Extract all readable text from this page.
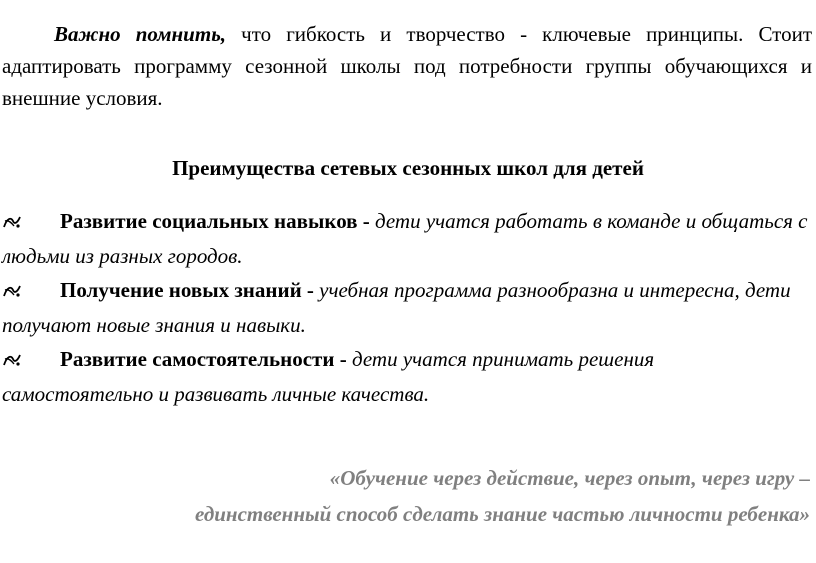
Важно помнить, что гибкость и творчество - ключевые принципы. Стоит адаптировать программу сезонной школы под потребности группы обучающихся и внешние условия.

Преимущества сетевых сезонных школ для детей
Развитие социальных навыков - дети учатся работать в команде и общаться с людьми из разных городов.
Получение новых знаний - учебная программа разнообразна и интересна, дети получают новые знания и навыки.
Развитие самостоятельности - дети учатся принимать решения самостоятельно и развивать личные качества.
«Обучение через действие, через опыт, через игру –
единственный способ сделать знание частью личности ребенка»
